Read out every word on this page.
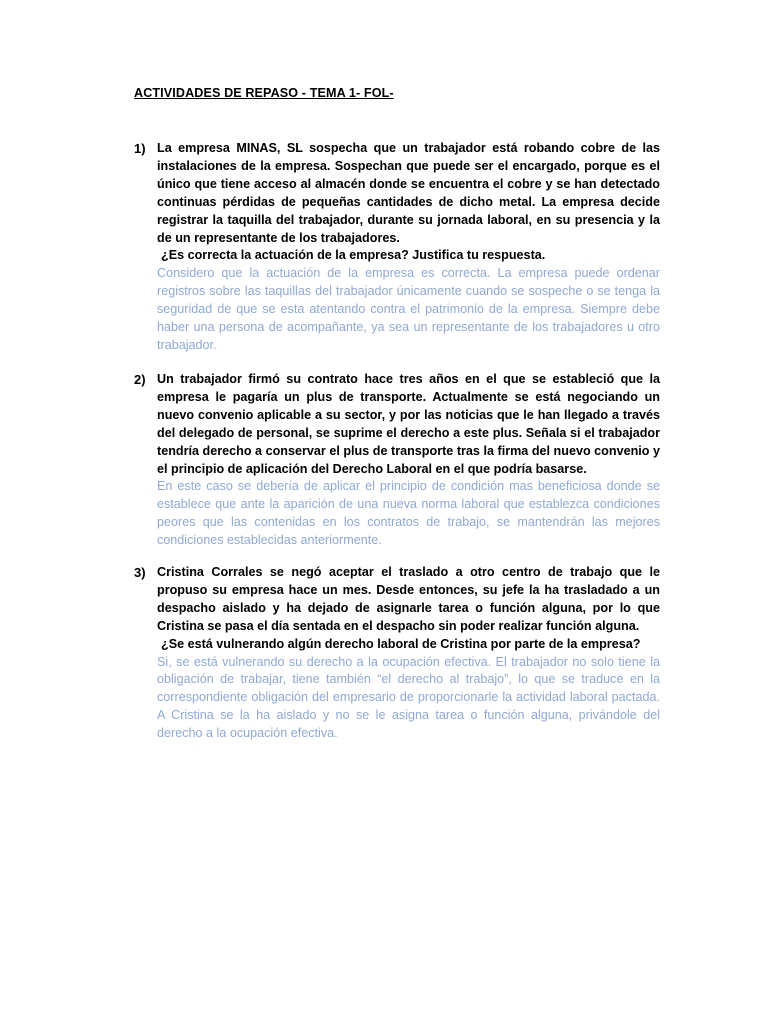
ACTIVIDADES DE REPASO - TEMA 1- FOL-
1) La empresa MINAS, SL sospecha que un trabajador está robando cobre de las instalaciones de la empresa. Sospechan que puede ser el encargado, porque es el único que tiene acceso al almacén donde se encuentra el cobre y se han detectado continuas pérdidas de pequeñas cantidades de dicho metal. La empresa decide registrar la taquilla del trabajador, durante su jornada laboral, en su presencia y la de un representante de los trabajadores.

¿Es correcta la actuación de la empresa? Justifica tu respuesta.

Considero que la actuación de la empresa es correcta. La empresa puede ordenar registros sobre las taquillas del trabajador únicamente cuando se sospeche o se tenga la seguridad de que se esta atentando contra el patrimonio de la empresa. Siempre debe haber una persona de acompañante, ya sea un representante de los trabajadores u otro trabajador.

2) Un trabajador firmó su contrato hace tres años en el que se estableció que la empresa le pagaría un plus de transporte. Actualmente se está negociando un nuevo convenio aplicable a su sector, y por las noticias que le han llegado a través del delegado de personal, se suprime el derecho a este plus. Señala si el trabajador tendría derecho a conservar el plus de transporte tras la firma del nuevo convenio y el principio de aplicación del Derecho Laboral en el que podría basarse.

En este caso se debería de aplicar el principio de condición mas beneficiosa donde se establece que ante la aparición de una nueva norma laboral que establezca condiciones peores que las contenidas en los contratos de trabajo, se mantendrán las mejores condiciones establecidas anteriormente.

3) Cristina Corrales se negó aceptar el traslado a otro centro de trabajo que le propuso su empresa hace un mes. Desde entonces, su jefe la ha trasladado a un despacho aislado y ha dejado de asignarle tarea o función alguna, por lo que Cristina se pasa el día sentada en el despacho sin poder realizar función alguna.

¿Se está vulnerando algún derecho laboral de Cristina por parte de la empresa?

Si, se está vulnerando su derecho a la ocupación efectiva. El trabajador no solo tiene la obligación de trabajar, tiene también “el derecho al trabajo”, lo que se traduce en la correspondiente obligación del empresario de proporcionarle la actividad laboral pactada. A Cristina se la ha aislado y no se le asigna tarea o función alguna, privándole del derecho a la ocupación efectiva.
